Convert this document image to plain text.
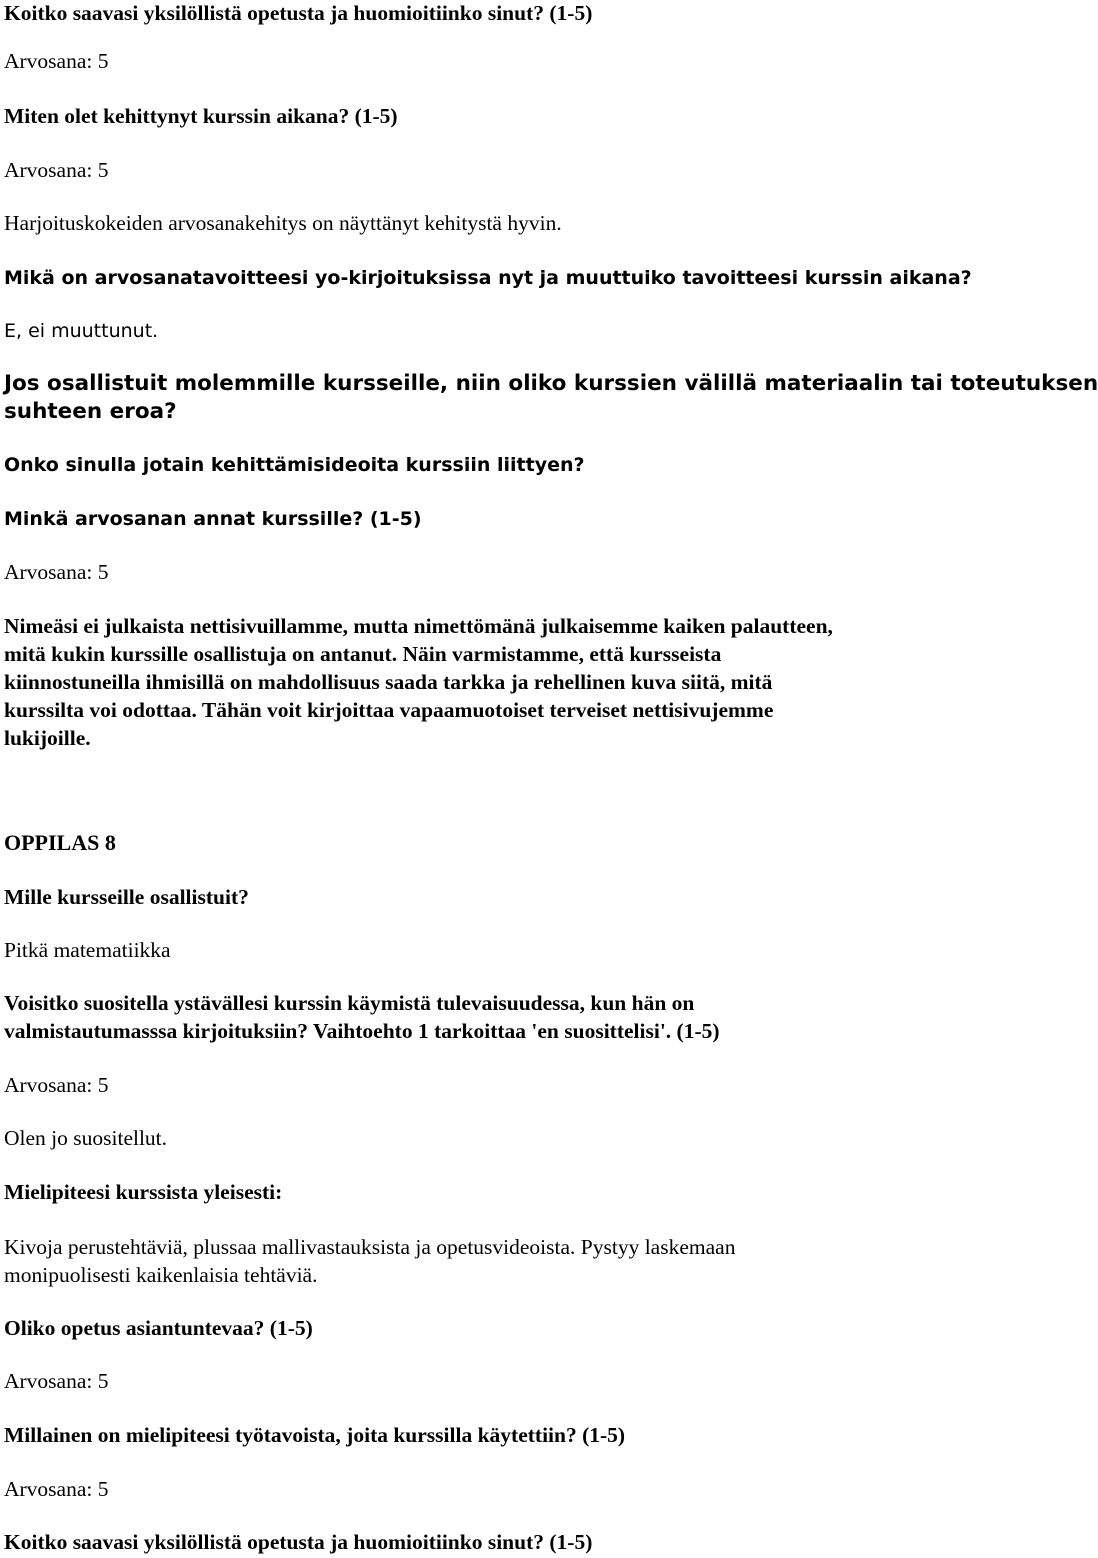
Koitko saavasi yksilöllistä opetusta ja huomioitiinko sinut? (1-5)

Arvosana: 5

Miten olet kehittynyt kurssin aikana? (1-5)

Arvosana: 5

Harjoituskokeiden arvosanakehitys on näyttänyt kehitystä hyvin.

Mikä on arvosanatavoitteesi yo-kirjoituksissa nyt ja muuttuiko tavoitteesi kurssin aikana?

E, ei muuttunut.

Jos osallistuit molemmille kursseille, niin oliko kurssien välillä materiaalin tai toteutuksen
suhteen eroa?

Onko sinulla jotain kehittämisideoita kurssiin liittyen?

Minkä arvosanan annat kurssille? (1-5)

Arvosana: 5

Nimeäsi ei julkaista nettisivuillamme, mutta nimettömänä julkaisemme kaiken palautteen,
mitä kukin kurssille osallistuja on antanut. Näin varmistamme, että kursseista
kiinnostuneilla ihmisillä on mahdollisuus saada tarkka ja rehellinen kuva siitä, mitä
kurssilta voi odottaa. Tähän voit kirjoittaa vapaamuotoiset terveiset nettisivujemme
lukijoille.

OPPILAS 8

Mille kursseille osallistuit?

Pitkä matematiikka

Voisitko suositella ystävällesi kurssin käymistä tulevaisuudessa, kun hän on
valmistautumasssa kirjoituksiin? Vaihtoehto 1 tarkoittaa 'en suosittelisi'. (1-5)

Arvosana: 5

Olen jo suositellut.

Mielipiteesi kurssista yleisesti:

Kivoja perustehtäviä, plussaa mallivastauksista ja opetusvideoista. Pystyy laskemaan
monipuolisesti kaikenlaisia tehtäviä.

Oliko opetus asiantuntevaa? (1-5)

Arvosana: 5

Millainen on mielipiteesi työtavoista, joita kurssilla käytettiin? (1-5)

Arvosana: 5

Koitko saavasi yksilöllistä opetusta ja huomioitiinko sinut? (1-5)
